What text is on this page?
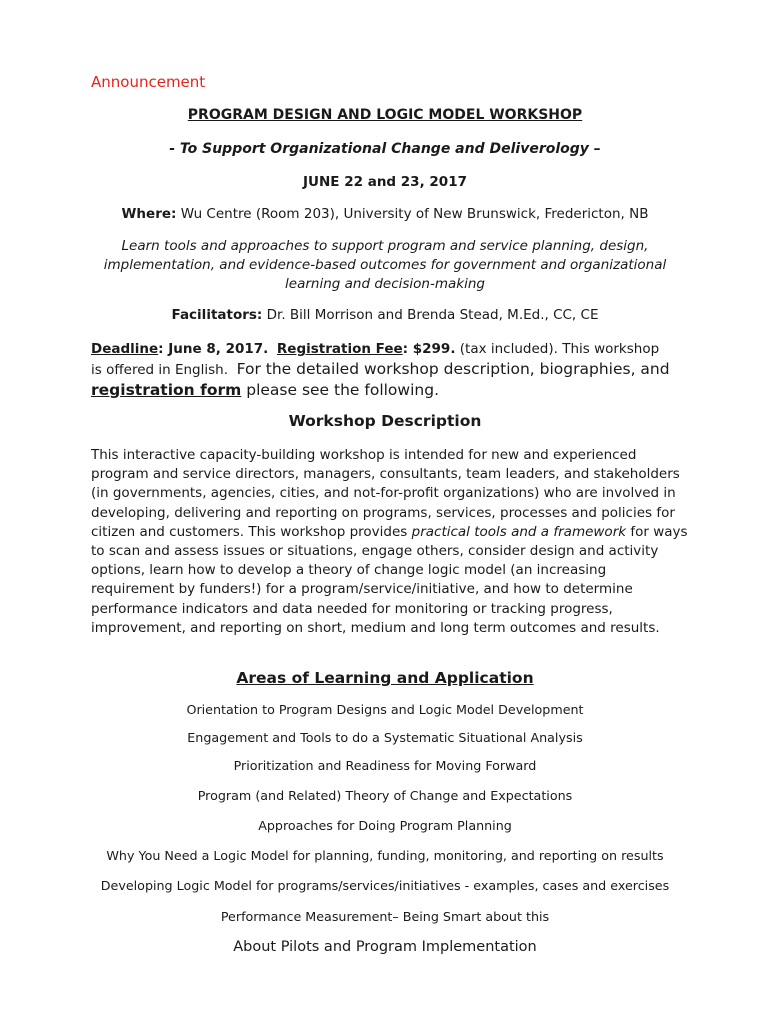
Announcement
PROGRAM DESIGN AND LOGIC MODEL WORKSHOP
- To Support Organizational Change and Deliverology –
JUNE 22 and 23, 2017
Where: Wu Centre (Room 203), University of New Brunswick, Fredericton, NB
Learn tools and approaches to support program and service planning, design,
implementation, and evidence-based outcomes for government and organizational
learning and decision-making
Facilitators: Dr. Bill Morrison and Brenda Stead, M.Ed., CC, CE
Deadline: June 8, 2017. Registration Fee: $299. (tax included). This workshop
is offered in English. For the detailed workshop description, biographies, and
registration form please see the following.
Workshop Description
This interactive capacity-building workshop is intended for new and experienced program and service directors, managers, consultants, team leaders, and stakeholders (in governments, agencies, cities, and not-for-profit organizations) who are involved in developing, delivering and reporting on programs, services, processes and policies for citizen and customers. This workshop provides practical tools and a framework for ways to scan and assess issues or situations, engage others, consider design and activity options, learn how to develop a theory of change logic model (an increasing requirement by funders!) for a program/service/initiative, and how to determine performance indicators and data needed for monitoring or tracking progress, improvement, and reporting on short, medium and long term outcomes and results.
Areas of Learning and Application
Orientation to Program Designs and Logic Model Development
Engagement and Tools to do a Systematic Situational Analysis
Prioritization and Readiness for Moving Forward
Program (and Related) Theory of Change and Expectations
Approaches for Doing Program Planning
Why You Need a Logic Model for planning, funding, monitoring, and reporting on results
Developing Logic Model for programs/services/initiatives - examples, cases and exercises
Performance Measurement– Being Smart about this
About Pilots and Program Implementation
